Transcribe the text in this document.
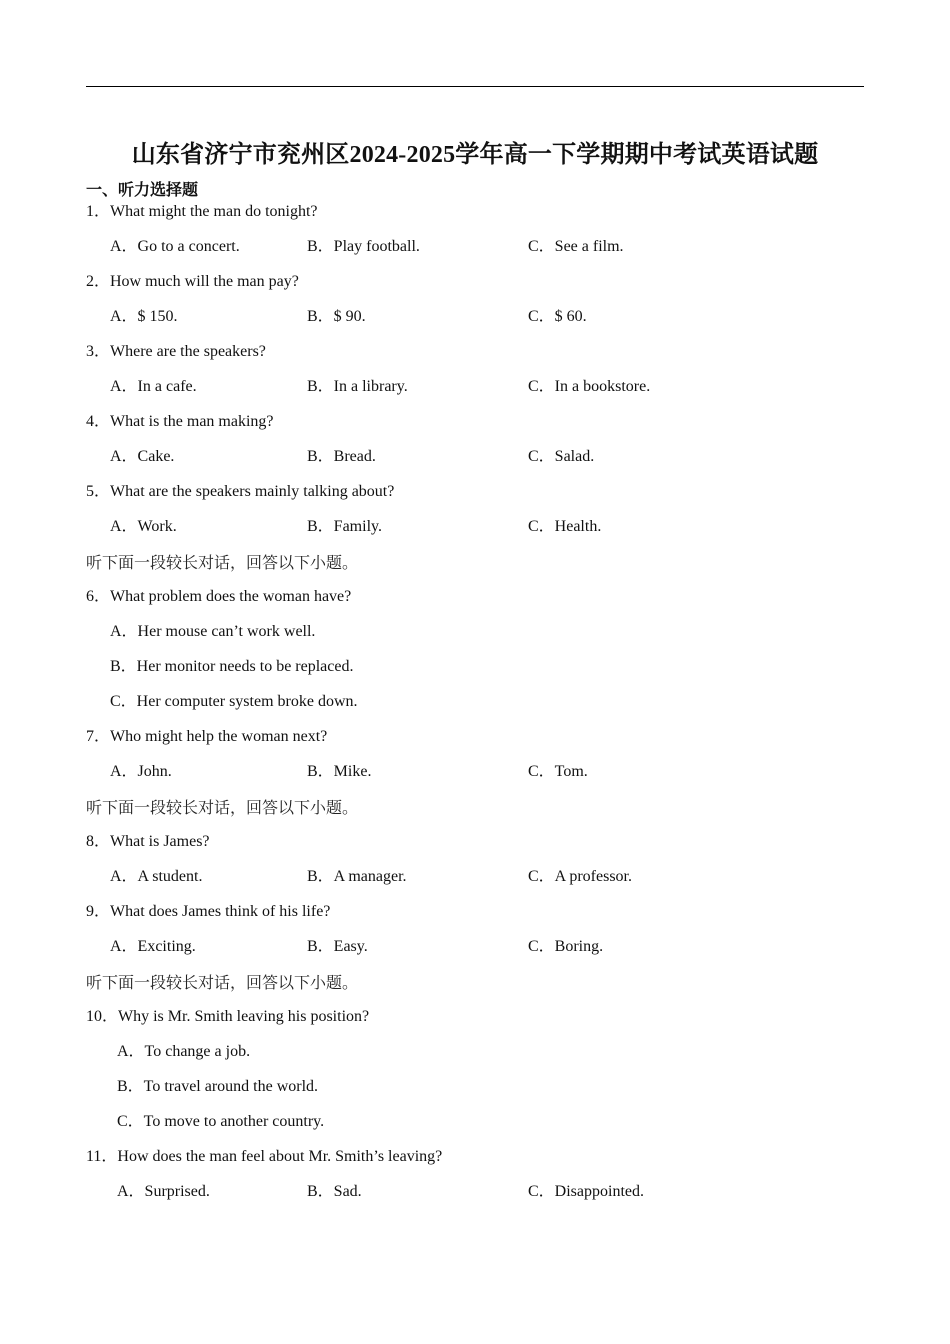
山东省济宁市兖州区2024-2025学年高一下学期期中考试英语试题
一、听力选择题
1．What might the man do tonight?
A．Go to a concert.	B．Play football.	C．See a film.
2．How much will the man pay?
A．$ 150.	B．$ 90.	C．$ 60.
3．Where are the speakers?
A．In a cafe.	B．In a library.	C．In a bookstore.
4．What is the man making?
A．Cake.	B．Bread.	C．Salad.
5．What are the speakers mainly talking about?
A．Work.	B．Family.	C．Health.
听下面一段较长对话，回答以下小题。
6．What problem does the woman have?
A．Her mouse can’t work well.
B．Her monitor needs to be replaced.
C．Her computer system broke down.
7．Who might help the woman next?
A．John.	B．Mike.	C．Tom.
听下面一段较长对话，回答以下小题。
8．What is James?
A．A student.	B．A manager.	C．A professor.
9．What does James think of his life?
A．Exciting.	B．Easy.	C．Boring.
听下面一段较长对话，回答以下小题。
10．Why is Mr. Smith leaving his position?
A．To change a job.
B．To travel around the world.
C．To move to another country.
11．How does the man feel about Mr. Smith’s leaving?
A．Surprised.	B．Sad.	C．Disappointed.
